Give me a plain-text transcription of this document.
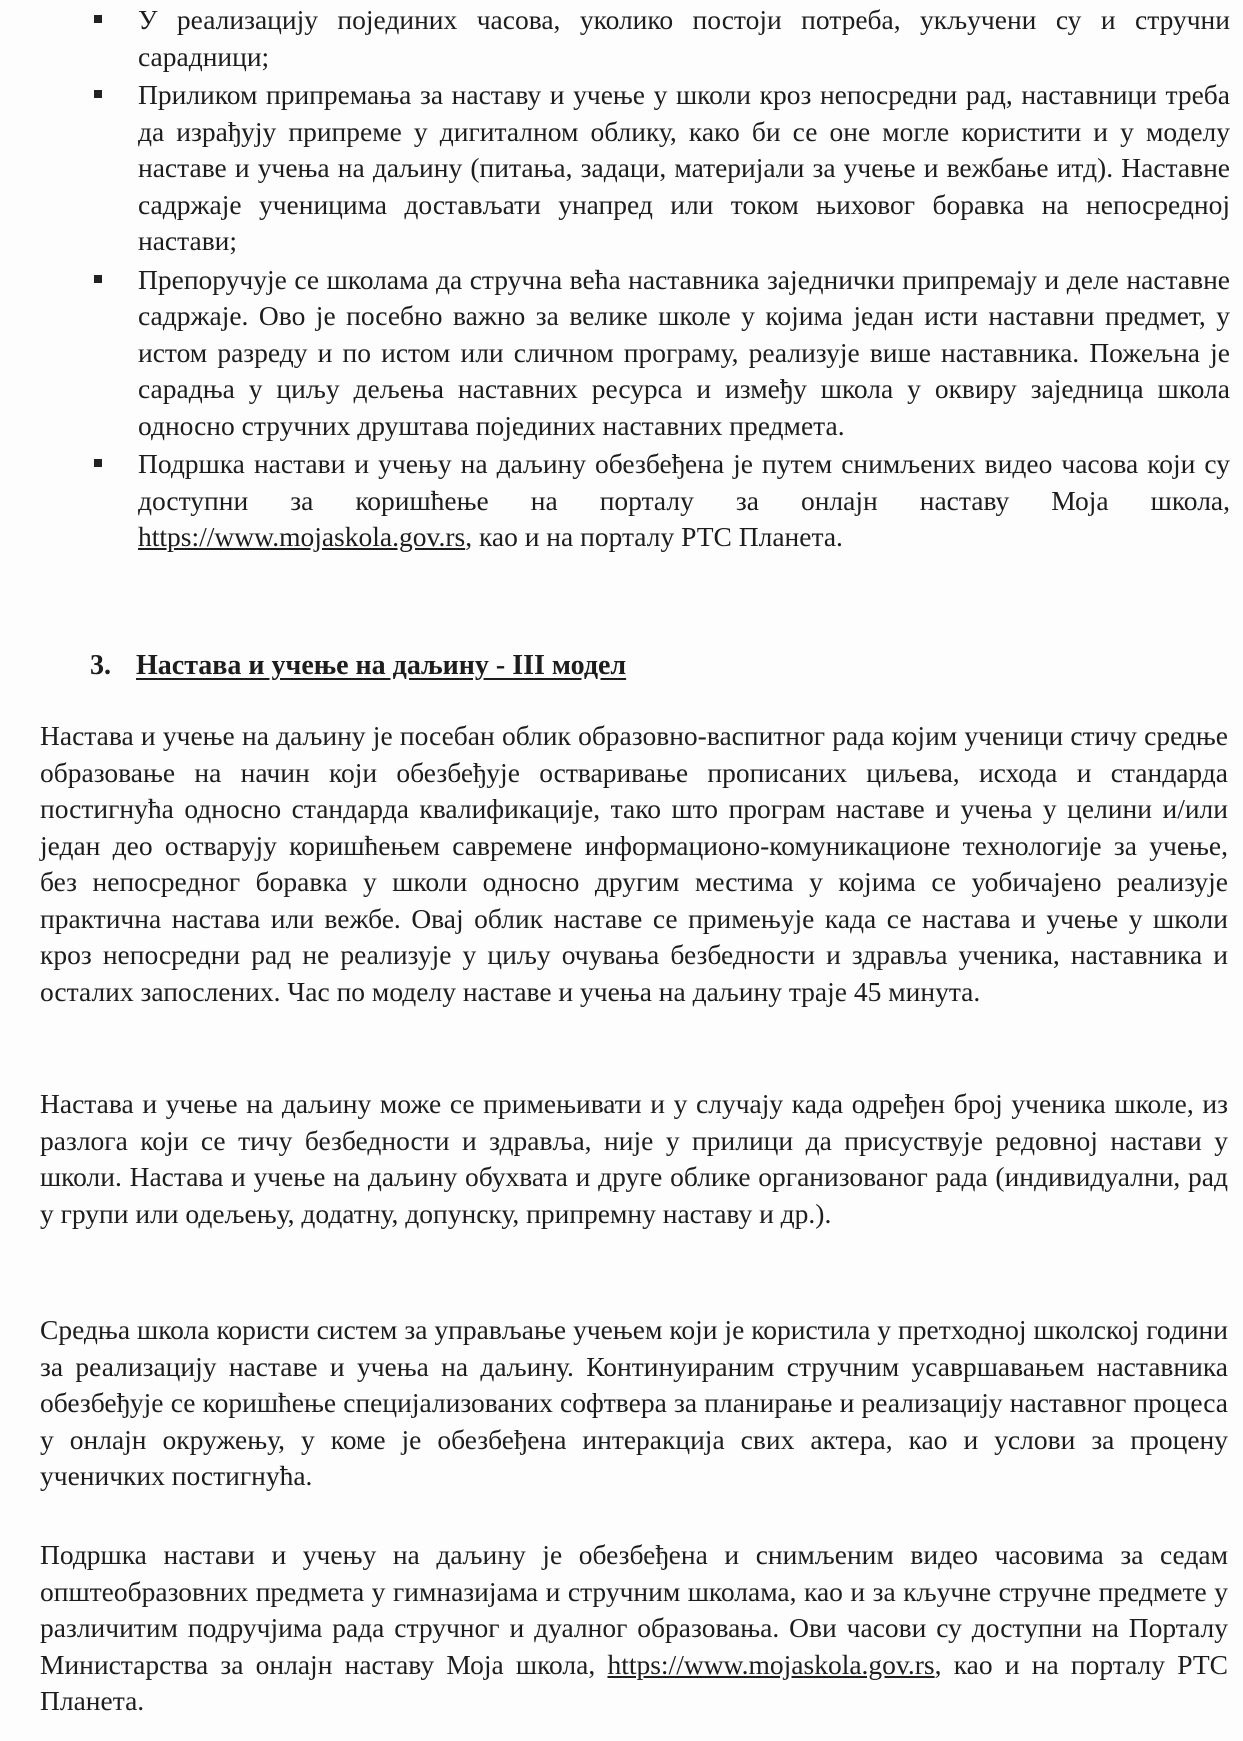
У реализацију појединих часова, уколико постоји потреба, укључени су и стручни сарадници;
Приликом припремања за наставу и учење у школи кроз непосредни рад, наставници треба да израђују припреме у дигиталном облику, како би се оне могле користити и у моделу наставе и учења на даљину (питања, задаци, материјали за учење и вежбање итд). Наставне садржаје ученицима достављати унапред или током њиховог боравка на непосредној настави;
Препоручује се школама да стручна већа наставника заједнички припремају и деле наставне садржаје. Ово је посебно важно за велике школе у којима један исти наставни предмет, у истом разреду и по истом или сличном програму, реализује више наставника. Пожељна је сарадња у циљу дељења наставних ресурса и између школа у оквиру заједница школа односно стручних друштава појединих наставних предмета.
Подршка настави и учењу на даљину обезбеђена је путем снимљених видео часова који су доступни за коришћење на порталу за онлајн наставу Моја школа, https://www.mojaskola.gov.rs, као и на порталу РТС Планета.
3. Настава и учење на даљину - III модел

Настава и учење на даљину је посебан облик образовно-васпитног рада којим ученици стичу средње образовање на начин који обезбеђује остваривање прописаних циљева, исхода и стандарда постигнућа односно стандарда квалификације, тако што програм наставе и учења у целини и/или један део остварују коришћењем савремене информационо-комуникационе технологије за учење, без непосредног боравка у школи односно другим местима у којима се уобичајено реализује практична настава или вежбе. Овај облик наставе се примењује када се настава и учење у школи кроз непосредни рад не реализује у циљу очувања безбедности и здравља ученика, наставника и осталих запослених. Час по моделу наставе и учења на даљину траје 45 минута.

Настава и учење на даљину може се примењивати и у случају када одређен број ученика школе, из разлога који се тичу безбедности и здравља, није у прилици да присуствује редовној настави у школи. Настава и учење на даљину обухвата и друге облике организованог рада (индивидуални, рад у групи или одељењу, додатну, допунску, припремну наставу и др.).

Средња школа користи систем за управљање учењем који је користила у претходној школској години за реализацију наставе и учења на даљину. Континуираним стручним усавршавањем наставника обезбеђује се коришћење специјализованих софтвера за планирање и реализацију наставног процеса у онлајн окружењу, у коме је обезбеђена интеракција свих актера, као и услови за процену ученичких постигнућа.

Подршка настави и учењу на даљину је обезбеђена и снимљеним видео часовима за седам општеобразовних предмета у гимназијама и стручним школама, као и за кључне стручне предмете у различитим подручјима рада стручног и дуалног образовања. Ови часови су доступни на Порталу Министарства за онлајн наставу Моја школа, https://www.mojaskola.gov.rs, као и на порталу РТС Планета.
